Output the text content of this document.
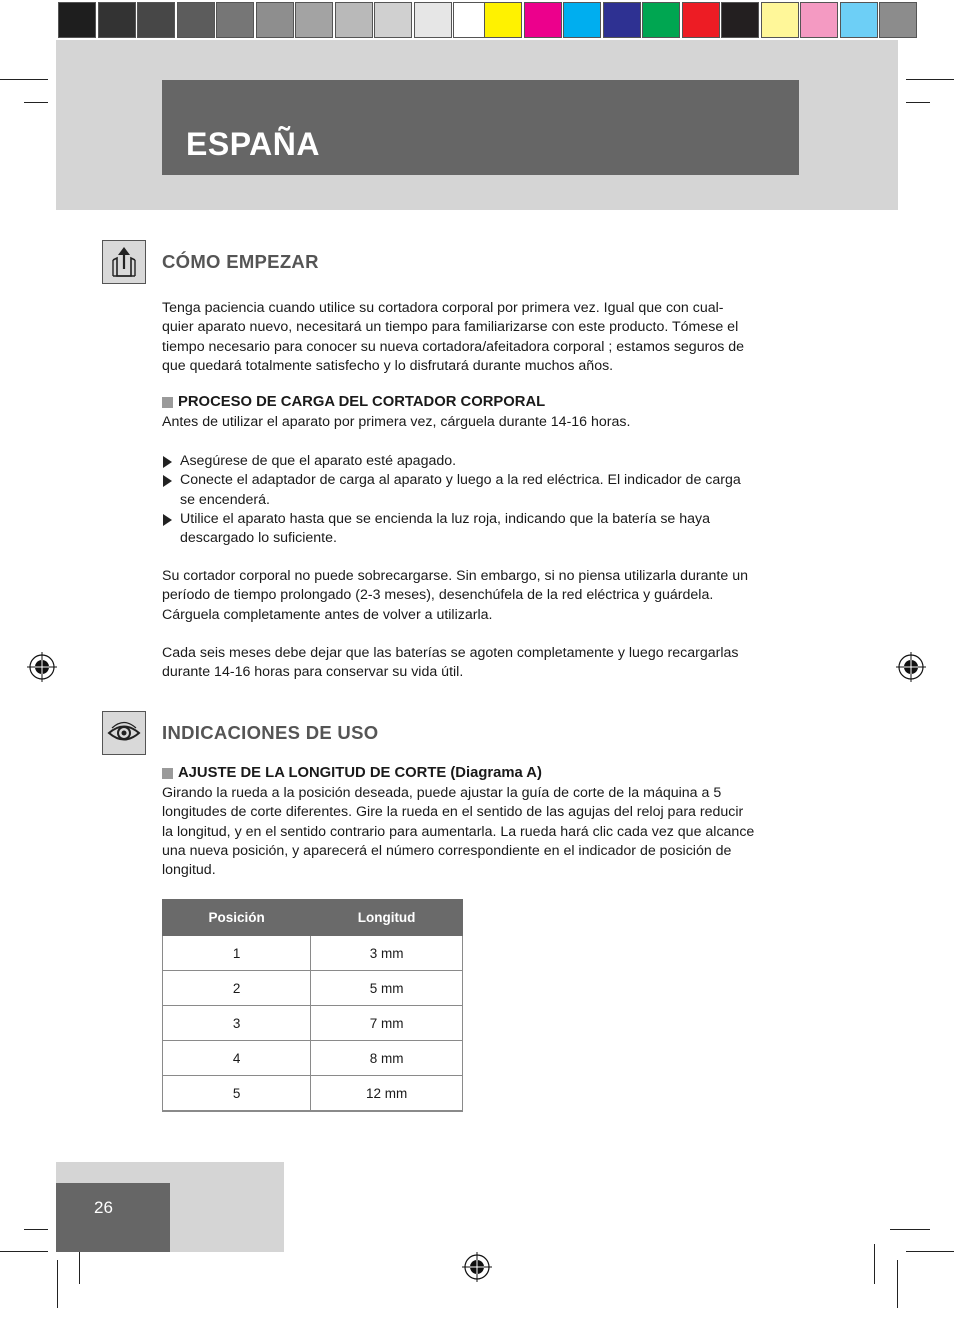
ESPAÑA
CÓMO EMPEZAR
Tenga paciencia cuando utilice su cortadora corporal por primera vez. Igual que con cual-
quier aparato nuevo, necesitará un tiempo para familiarizarse con este producto. Tómese el
tiempo necesario para conocer su nueva cortadora/afeitadora corporal ; estamos seguros de
que quedará totalmente satisfecho y lo disfrutará durante muchos años.
PROCESO DE CARGA DEL CORTADOR CORPORAL
Antes de utilizar el aparato por primera vez, cárguela durante 14-16 horas.
Asegúrese de que el aparato esté apagado.
Conecte el adaptador de carga al aparato y luego a la red eléctrica. El indicador de carga
se encenderá.
Utilice el aparato hasta que se encienda la luz roja, indicando que la batería se haya
descargado lo suficiente.
Su cortador corporal no puede sobrecargarse. Sin embargo, si no piensa utilizarla durante un
período de tiempo prolongado (2-3 meses), desenchúfela de la red eléctrica y guárdela.
Cárguela completamente antes de volver a utilizarla.
Cada seis meses debe dejar que las baterías se agoten completamente y luego recargarlas
durante 14-16 horas para conservar su vida útil.
INDICACIONES DE USO
AJUSTE DE LA LONGITUD DE CORTE (Diagrama A)
Girando la rueda a la posición deseada, puede ajustar la guía de corte de la máquina a 5
longitudes de corte diferentes. Gire la rueda en el sentido de las agujas del reloj para reducir
la longitud, y en el sentido contrario para aumentarla. La rueda hará clic cada vez que alcance
una nueva posición, y aparecerá el número correspondiente en el indicador de posición de
longitud.
Posición	Longitud
1	3 mm
2	5 mm
3	7 mm
4	8 mm
5	12 mm
26
